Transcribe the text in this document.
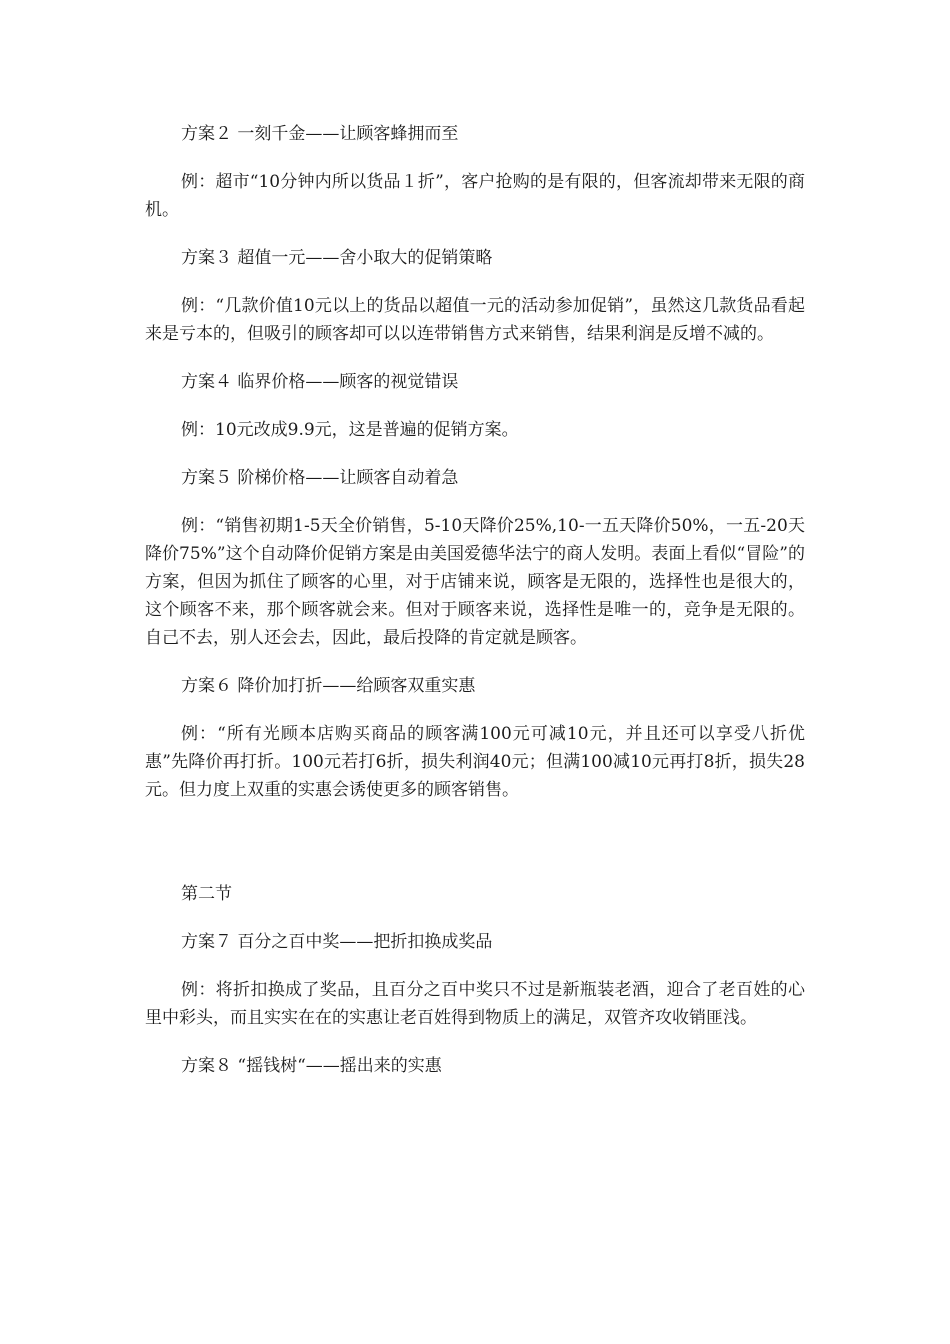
方案２ 一刻千金——让顾客蜂拥而至

例：超市“10分钟内所以货品１折”，客户抢购的是有限的，但客流却带来无限的商机。

方案３ 超值一元——舍小取大的促销策略

例：“几款价值10元以上的货品以超值一元的活动参加促销”，虽然这几款货品看起来是亏本的，但吸引的顾客却可以以连带销售方式来销售，结果利润是反增不减的。

方案４ 临界价格——顾客的视觉错误

例：10元改成9.9元，这是普遍的促销方案。

方案５ 阶梯价格——让顾客自动着急

例：“销售初期1-5天全价销售，5-10天降价25%,10-一五天降价50%，一五-20天降价75%”这个自动降价促销方案是由美国爱德华法宁的商人发明。表面上看似“冒险”的方案，但因为抓住了顾客的心里，对于店铺来说，顾客是无限的，选择性也是很大的，这个顾客不来，那个顾客就会来。但对于顾客来说，选择性是唯一的，竞争是无限的。自己不去，别人还会去，因此，最后投降的肯定就是顾客。

方案６ 降价加打折——给顾客双重实惠

例：“所有光顾本店购买商品的顾客满100元可减10元，并且还可以享受八折优惠”先降价再打折。100元若打6折，损失利润40元；但满100减10元再打8折，损失28元。但力度上双重的实惠会诱使更多的顾客销售。

第二节

方案７ 百分之百中奖——把折扣换成奖品

例：将折扣换成了奖品，且百分之百中奖只不过是新瓶装老酒，迎合了老百姓的心里中彩头，而且实实在在的实惠让老百姓得到物质上的满足，双管齐攻收销匪浅。

方案８ “摇钱树“——摇出来的实惠
